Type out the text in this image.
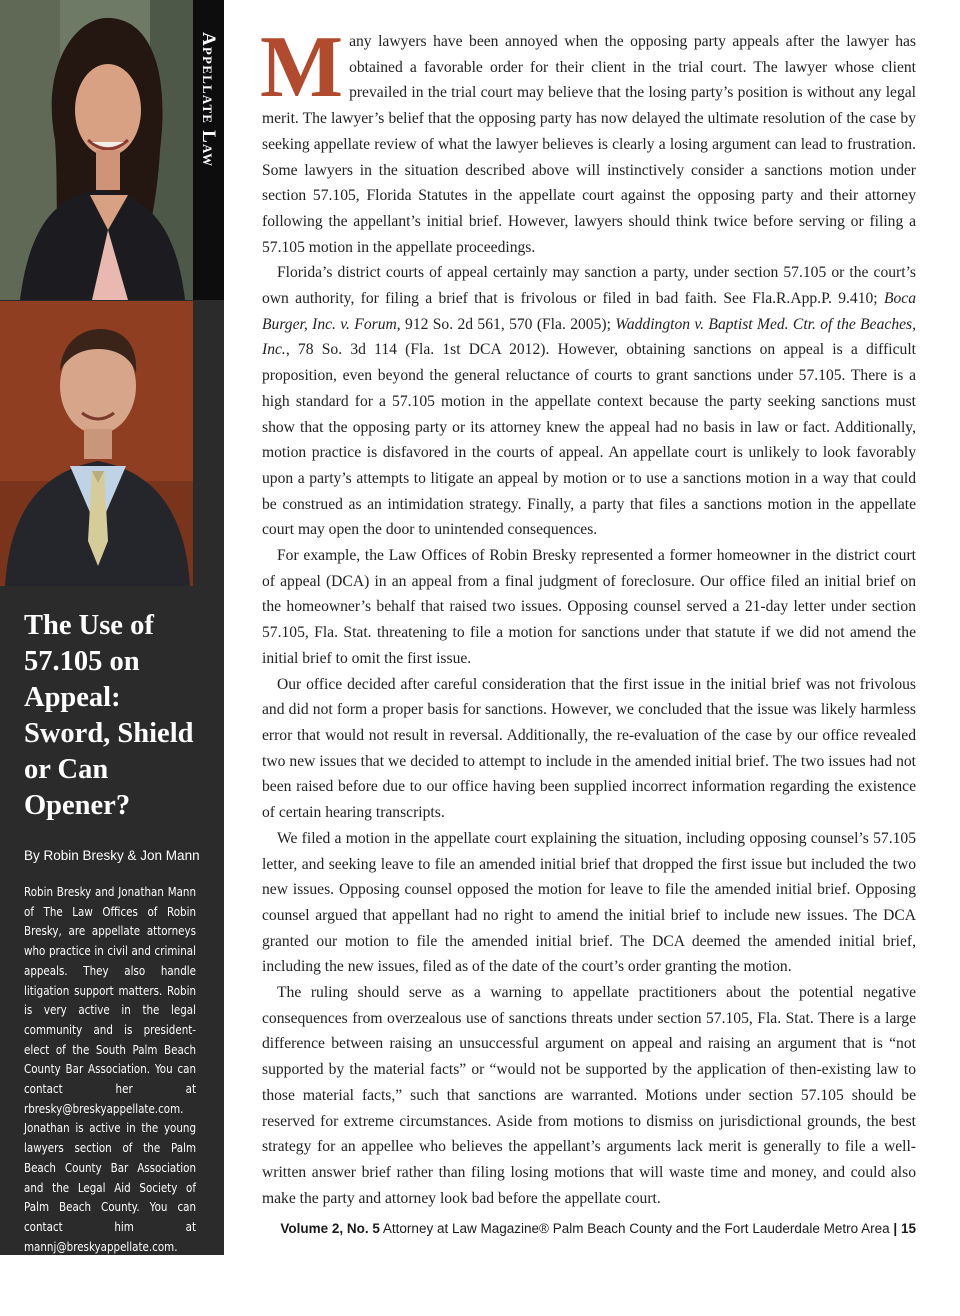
Appellate Law
The Use of 57.105 on Appeal: Sword, Shield or Can Opener?
By Robin Bresky & Jon Mann
Robin Bresky and Jonathan Mann of The Law Offices of Robin Bresky, are appellate attorneys who practice in civil and criminal appeals. They also handle litigation support matters. Robin is very active in the legal community and is president-elect of the South Palm Beach County Bar Association. You can contact her at rbresky@breskyappellate.com. Jonathan is active in the young lawyers section of the Palm Beach County Bar Association and the Legal Aid Society of Palm Beach County. You can contact him at mannj@breskyappellate.com. For more information, visit www.breskyappellate.com or call (561) 994-6273.

Many lawyers have been annoyed when the opposing party appeals after the lawyer has obtained a favorable order for their client in the trial court. The lawyer whose client prevailed in the trial court may believe that the losing party’s position is without any legal merit. The lawyer’s belief that the opposing party has now delayed the ultimate resolution of the case by seeking appellate review of what the lawyer believes is clearly a losing argument can lead to frustration. Some lawyers in the situation described above will instinctively consider a sanctions motion under section 57.105, Florida Statutes in the appellate court against the opposing party and their attorney following the appellant’s initial brief. However, lawyers should think twice before serving or filing a 57.105 motion in the appellate proceedings.

Florida’s district courts of appeal certainly may sanction a party, under section 57.105 or the court’s own authority, for filing a brief that is frivolous or filed in bad faith. See Fla.R.App.P. 9.410; Boca Burger, Inc. v. Forum, 912 So. 2d 561, 570 (Fla. 2005); Waddington v. Baptist Med. Ctr. of the Beaches, Inc., 78 So. 3d 114 (Fla. 1st DCA 2012). However, obtaining sanctions on appeal is a difficult proposition, even beyond the general reluctance of courts to grant sanctions under 57.105. There is a high standard for a 57.105 motion in the appellate context because the party seeking sanctions must show that the opposing party or its attorney knew the appeal had no basis in law or fact. Additionally, motion practice is disfavored in the courts of appeal. An appellate court is unlikely to look favorably upon a party’s attempts to litigate an appeal by motion or to use a sanctions motion in a way that could be construed as an intimidation strategy. Finally, a party that files a sanctions motion in the appellate court may open the door to unintended consequences.

For example, the Law Offices of Robin Bresky represented a former homeowner in the district court of appeal (DCA) in an appeal from a final judgment of foreclosure. Our office filed an initial brief on the homeowner’s behalf that raised two issues. Opposing counsel served a 21-day letter under section 57.105, Fla. Stat. threatening to file a motion for sanctions under that statute if we did not amend the initial brief to omit the first issue.

Our office decided after careful consideration that the first issue in the initial brief was not frivolous and did not form a proper basis for sanctions. However, we concluded that the issue was likely harmless error that would not result in reversal. Additionally, the re-evaluation of the case by our office revealed two new issues that we decided to attempt to include in the amended initial brief. The two issues had not been raised before due to our office having been supplied incorrect information regarding the existence of certain hearing transcripts.

We filed a motion in the appellate court explaining the situation, including opposing counsel’s 57.105 letter, and seeking leave to file an amended initial brief that dropped the first issue but included the two new issues. Opposing counsel opposed the motion for leave to file the amended initial brief. Opposing counsel argued that appellant had no right to amend the initial brief to include new issues. The DCA granted our motion to file the amended initial brief. The DCA deemed the amended initial brief, including the new issues, filed as of the date of the court’s order granting the motion.

The ruling should serve as a warning to appellate practitioners about the potential negative consequences from overzealous use of sanctions threats under section 57.105, Fla. Stat. There is a large difference between raising an unsuccessful argument on appeal and raising an argument that is “not supported by the material facts” or “would not be supported by the application of then-existing law to those material facts,” such that sanctions are warranted. Motions under section 57.105 should be reserved for extreme circumstances. Aside from motions to dismiss on jurisdictional grounds, the best strategy for an appellee who believes the appellant’s arguments lack merit is generally to file a well-written answer brief rather than filing losing motions that will waste time and money, and could also make the party and attorney look bad before the appellate court.

Volume 2, No. 5 Attorney at Law Magazine® Palm Beach County and the Fort Lauderdale Metro Area | 15
